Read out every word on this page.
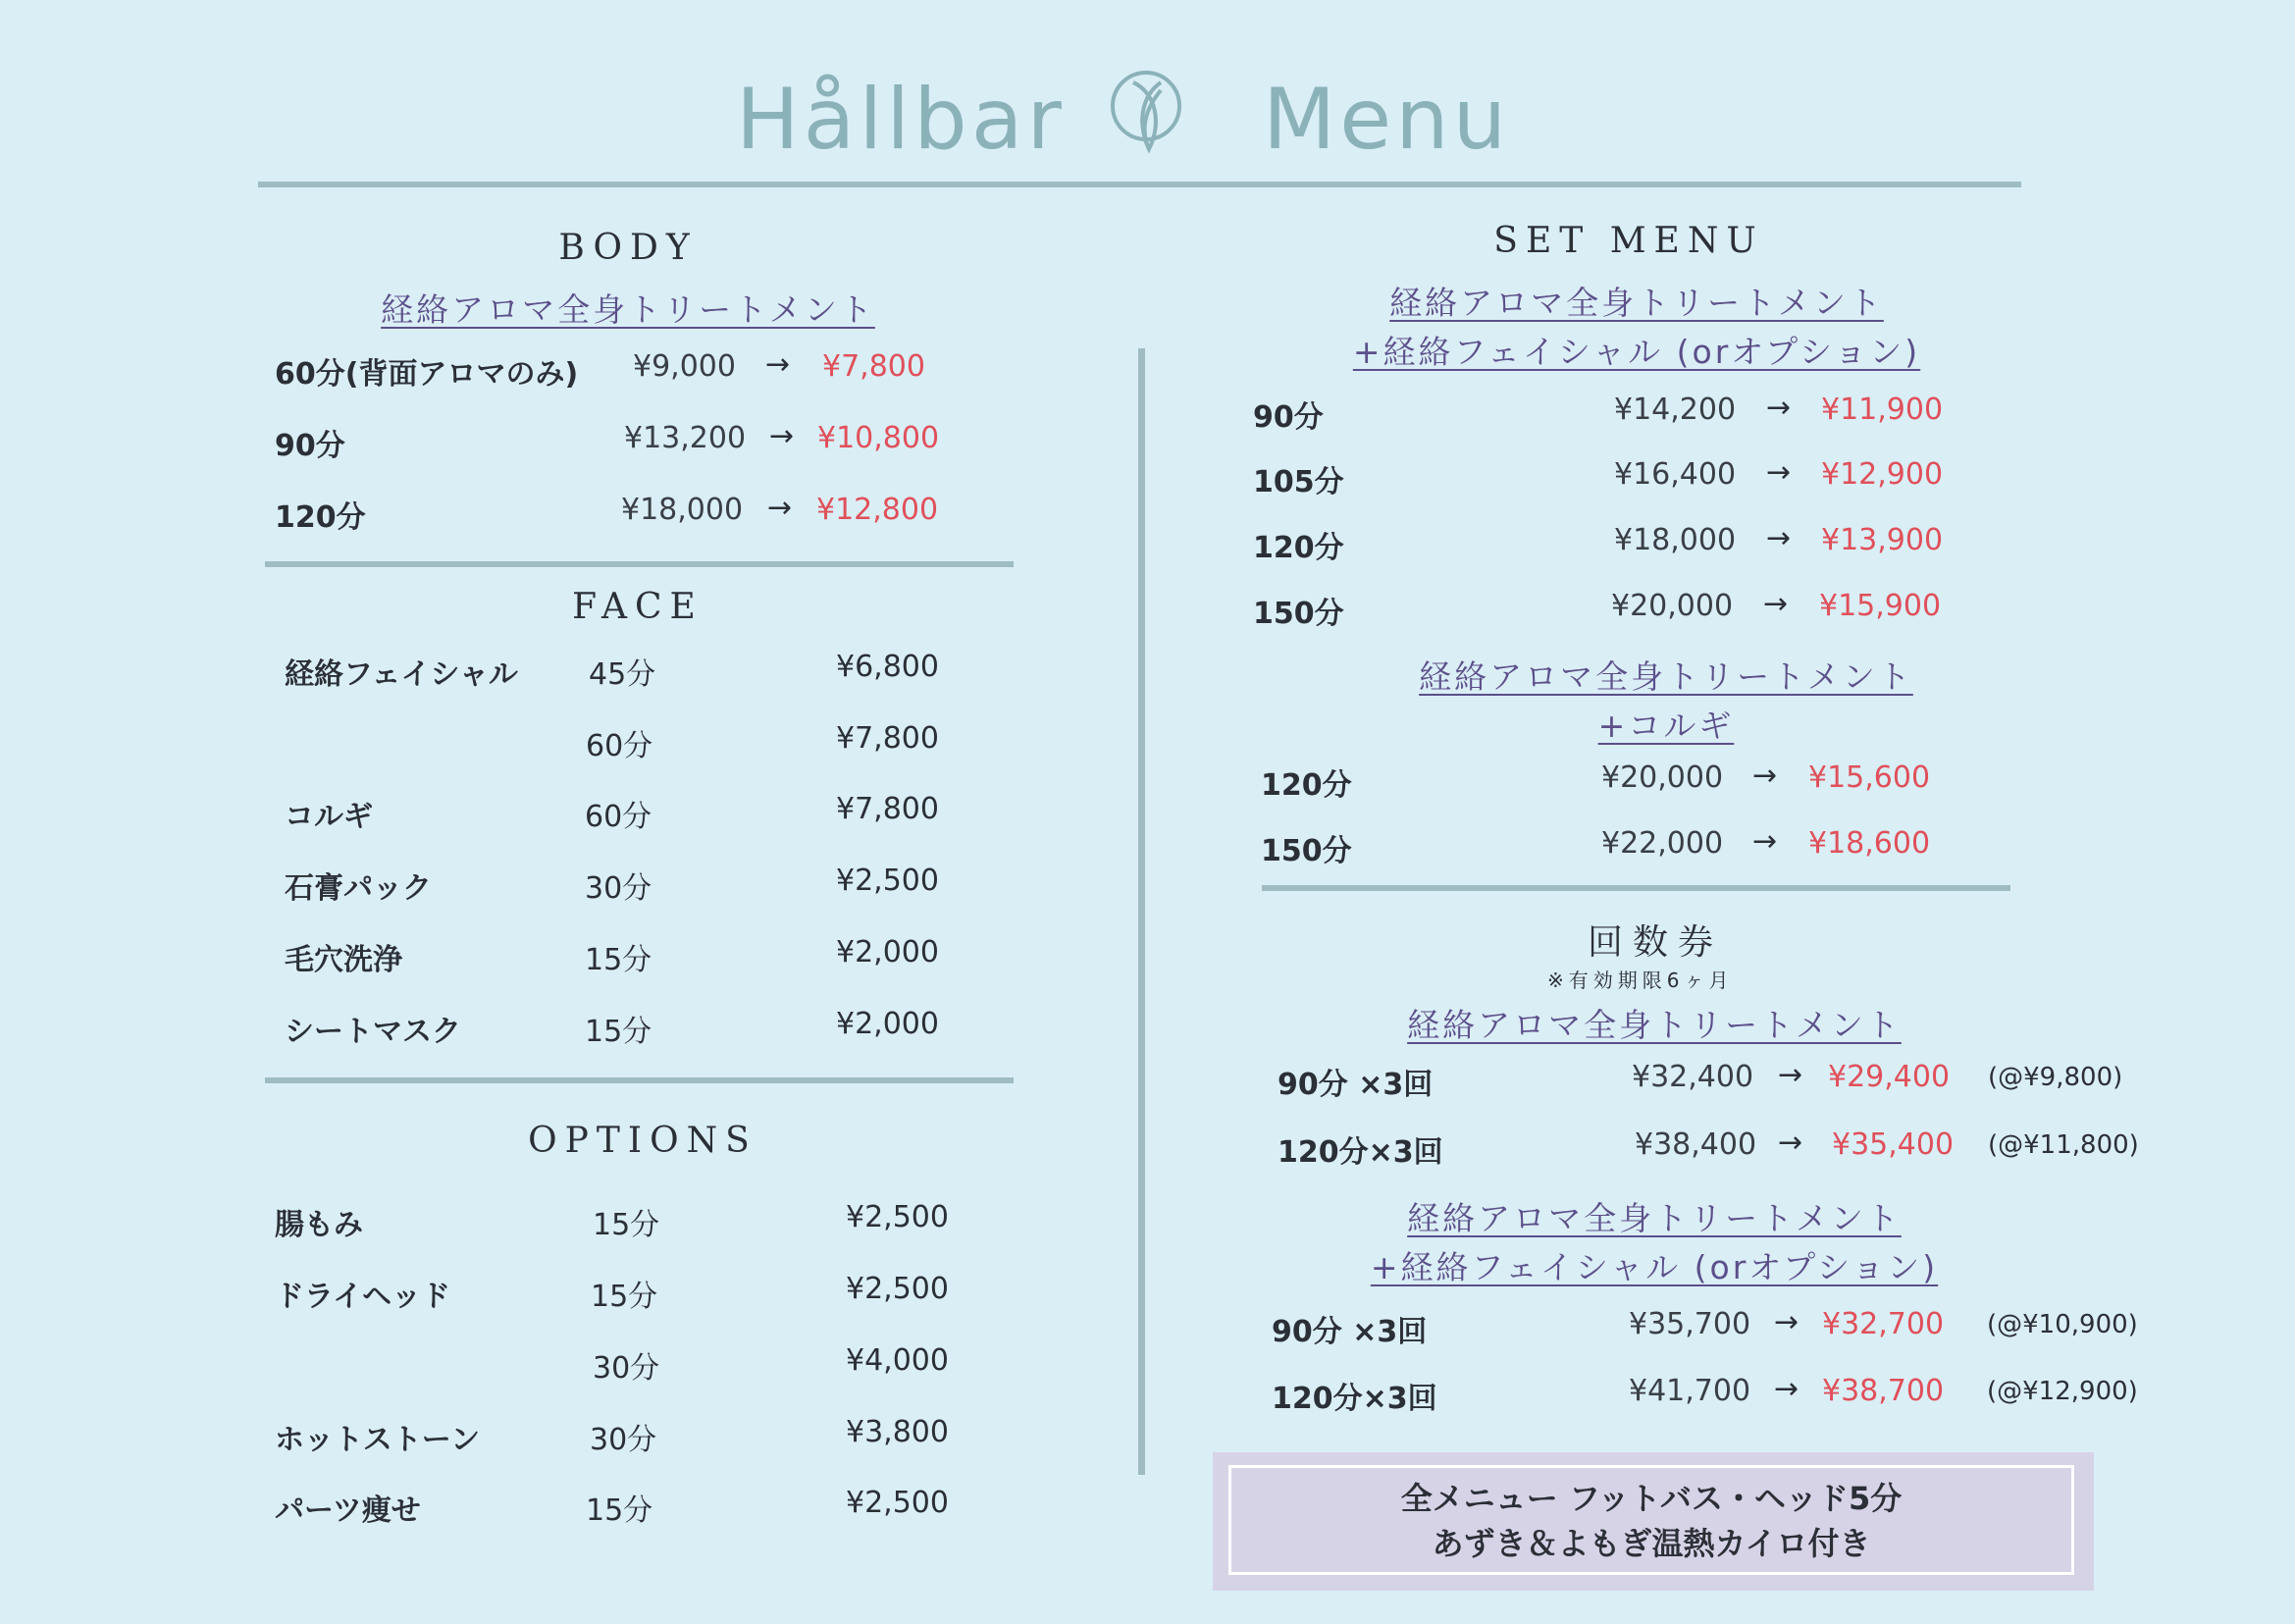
Hållbar Menu
BODY
経絡アロマ全身トリートメント
60分(背面アロマのみ) ¥9,000 → ¥7,800
90分	¥13,200 → ¥10,800
120分	¥18,000 → ¥12,800
FACE
経絡フェイシャル 45分	¥6,800
60分	¥7,800
コルギ	60分	¥7,800
石膏パック	30分	¥2,500
毛穴洗浄	15分	¥2,000
シートマスク	15分	¥2,000
OPTIONS
腸もみ	15分	¥2,500
ドライヘッド	15分	¥2,500
30分	¥4,000
ホットストーン	30分	¥3,800
パーツ痩せ	15分	¥2,500
SET MENU
経絡アロマ全身トリートメント
+経絡フェイシャル (orオプション)
90分	¥14,200 → ¥11,900
105分	¥16,400 → ¥12,900
120分	¥18,000 → ¥13,900
150分	¥20,000 → ¥15,900
経絡アロマ全身トリートメント
+コルギ
120分	¥20,000 → ¥15,600
150分	¥22,000 → ¥18,600
回数券
※有効期限6ヶ月
経絡アロマ全身トリートメント
90分 ×3回	¥32,400 → ¥29,400 (@¥9,800)
120分×3回	¥38,400 → ¥35,400 (@¥11,800)
経絡アロマ全身トリートメント
+経絡フェイシャル (orオプション)
90分 ×3回	¥35,700 → ¥32,700 (@¥10,900)
120分×3回	¥41,700 → ¥38,700 (@¥12,900)
全メニュー フットバス・ヘッド5分
あずき＆よもぎ温熱カイロ付き
